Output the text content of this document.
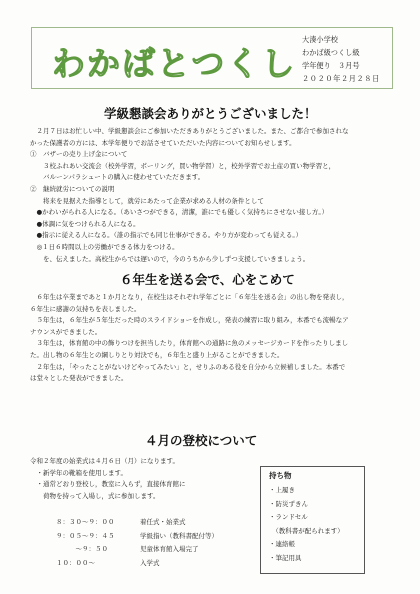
わかばとつくし
大湊小学校
わかば級つくし級
学年便り　３月号
２０２０年２月２８日
学級懇談会ありがとうございました！
　２月７日はお忙しい中、学級懇談会にご参加いただきありがとうございました。また、ご都合で参加されな
かった保護者の方には、本学年便りでお話させていただいた内容についてお知らせします。
①　バザーの売り上げ金について
　　３校ふれあい交流会（校外学習，ボーリング，買い物学習）と，校外学習でお土産の買い物学習と，
　　バルーンパラシュートの購入に使わせていただきます。
②　継続就労についての説明
　　将来を見据えた指導として，就労にあたって企業が求める人材の条件として
　●かわいがられる人になる。（あいさつができる，清潔，誰にでも優しく気持ちにさせない接し方。）
　●体調に気をつけられる人になる。
　●指示に従える人になる。（誰の指示でも同じ仕事ができる。やり方が変わっても従える。）
　◎１日６時間以上の労働ができる体力をつける。
　　を、伝えました。高校生からでは遅いので，今のうちから少しずつ支援していきましょう。
６年生を送る会で、心をこめて
　６年生は卒業まであと１か月となり，在校生はそれぞれ学年ごとに「６年生を送る会」の出し物を発表し，
６年生に感謝の気持ちを表しました。
　５年生は，６年生が５年生だった時のスライドショーを作成し，発表の練習に取り組み，本番でも流暢なア
ナウンスができました。
　３年生は，体育館の中の飾りつけを担当したり，体育館への通路に魚のメッセージカードを作ったりしまし
た。出し物の６年生との綱しりとり対決でも，６年生と盛り上がることができました。
　２年生は，「やったことがないけどやってみたい」と，せりふのある役を自分から立候補しました。本番で
は堂々とした発表ができました。
４月の登校について
令和２年度の始業式は４月６日（月）になります。
　・新学年の靴箱を使用します。
　・通常どおり登校し，教室に入らず，直接体育館に
　　荷物を持って入場し，式に参加します。
８：３０～９：００	着任式・始業式
９：０５～９：４５	学級指い（教科書配付等）
　　　～９：５０	児童体育館入場完了
１０：００～	入学式
持ち物
・上履き
・防災ずきん
・ランドセル
　（教科書が配られます）
・連絡帳
・筆記用具
